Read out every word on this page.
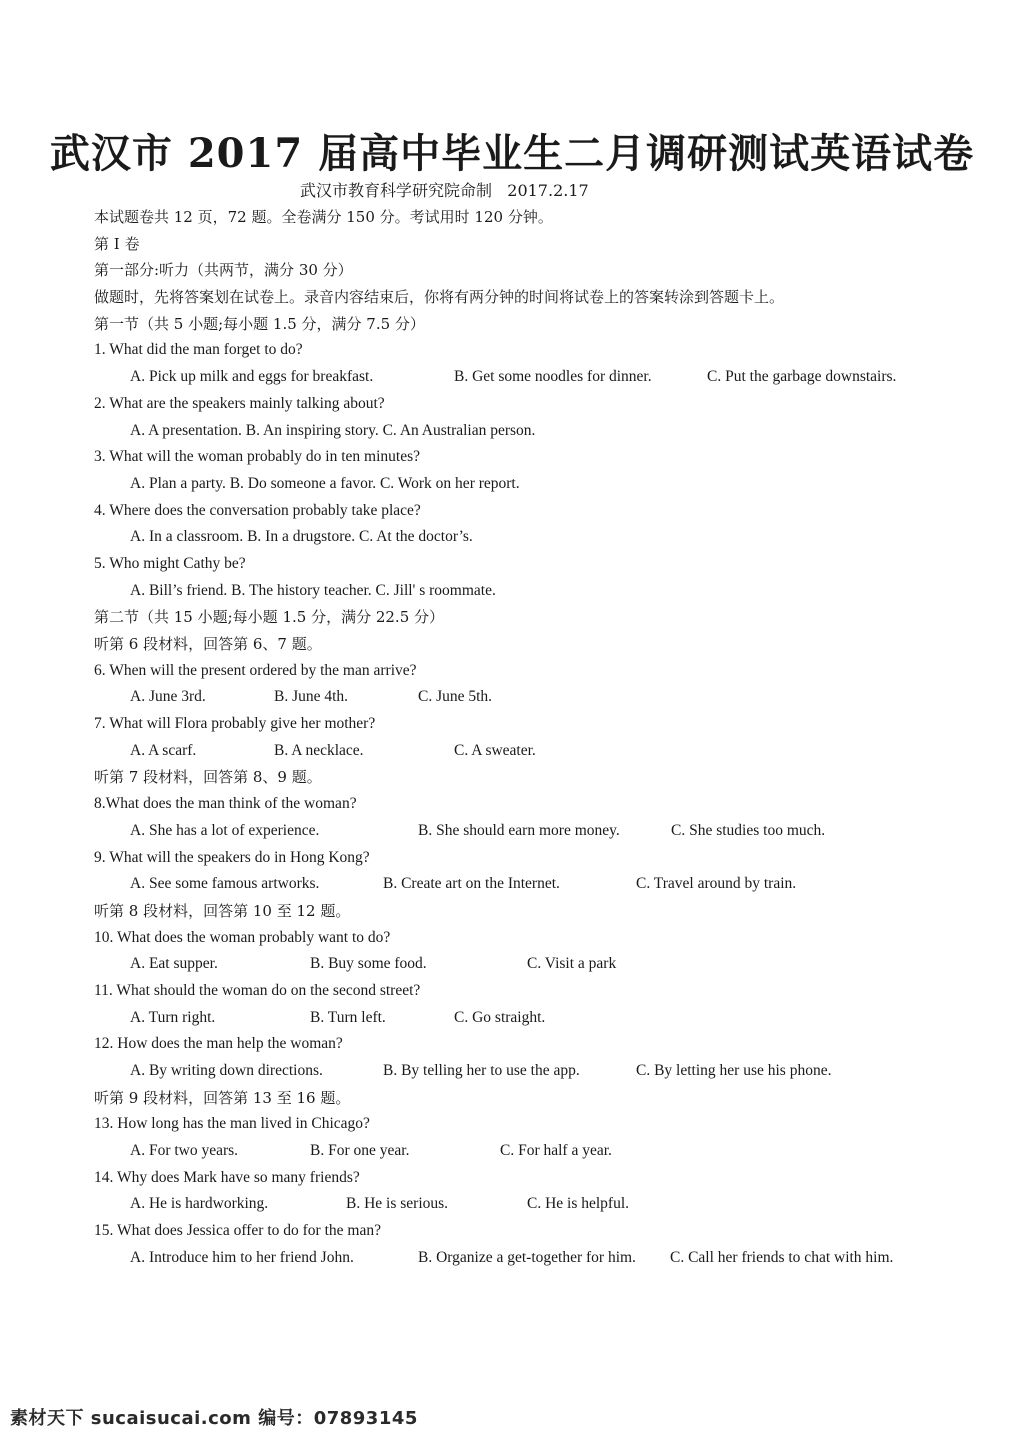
武汉市 2017 届高中毕业生二月调研测试英语试卷
武汉市教育科学研究院命制   2017.2.17
本试题卷共 12 页，72 题。全卷满分 150 分。考试用时 120 分钟。
第 I 卷
第一部分:听力（共两节，满分 30 分）
做题时，先将答案划在试卷上。录音内容结束后，你将有两分钟的时间将试卷上的答案转涂到答题卡上。
第一节（共 5 小题;每小题 1.5 分，满分 7.5 分）
1. What did the man forget to do?
A. Pick up milk and eggs for breakfast.	B. Get some noodles for dinner.	C. Put the garbage downstairs.
2. What are the speakers mainly talking about?
A. A presentation. B. An inspiring story. C. An Australian person.
3. What will the woman probably do in ten minutes?
A. Plan a party. B. Do someone a favor. C. Work on her report.
4. Where does the conversation probably take place?
A. In a classroom. B. In a drugstore. C. At the doctor’s.
5. Who might Cathy be?
A. Bill’s friend. B. The history teacher. C. Jill' s roommate.
第二节（共 15 小题;每小题 1.5 分，满分 22.5 分）
听第 6 段材料，回答第 6、7 题。
6. When will the present ordered by the man arrive?
A. June 3rd.	B. June 4th.	C. June 5th.
7. What will Flora probably give her mother?
A. A scarf.	B. A necklace.	C. A sweater.
听第 7 段材料，回答第 8、9 题。
8.What does the man think of the woman?
A. She has a lot of experience.	B. She should earn more money.	C. She studies too much.
9. What will the speakers do in Hong Kong?
A. See some famous artworks.	B. Create art on the Internet.	C. Travel around by train.
听第 8 段材料，回答第 10 至 12 题。
10. What does the woman probably want to do?
A. Eat supper.	B. Buy some food.	C. Visit a park
11. What should the woman do on the second street?
A. Turn right.	B. Turn left.	C. Go straight.
12. How does the man help the woman?
A. By writing down directions.	B. By telling her to use the app.	C. By letting her use his phone.
听第 9 段材料，回答第 13 至 16 题。
13. How long has the man lived in Chicago?
A. For two years.	B. For one year.	C. For half a year.
14. Why does Mark have so many friends?
A. He is hardworking.	B. He is serious.	C. He is helpful.
15. What does Jessica offer to do for the man?
A. Introduce him to her friend John.	B. Organize a get-together for him. C. Call her friends to chat with him.
素材天下 sucaisucai.com 编号：07893145
